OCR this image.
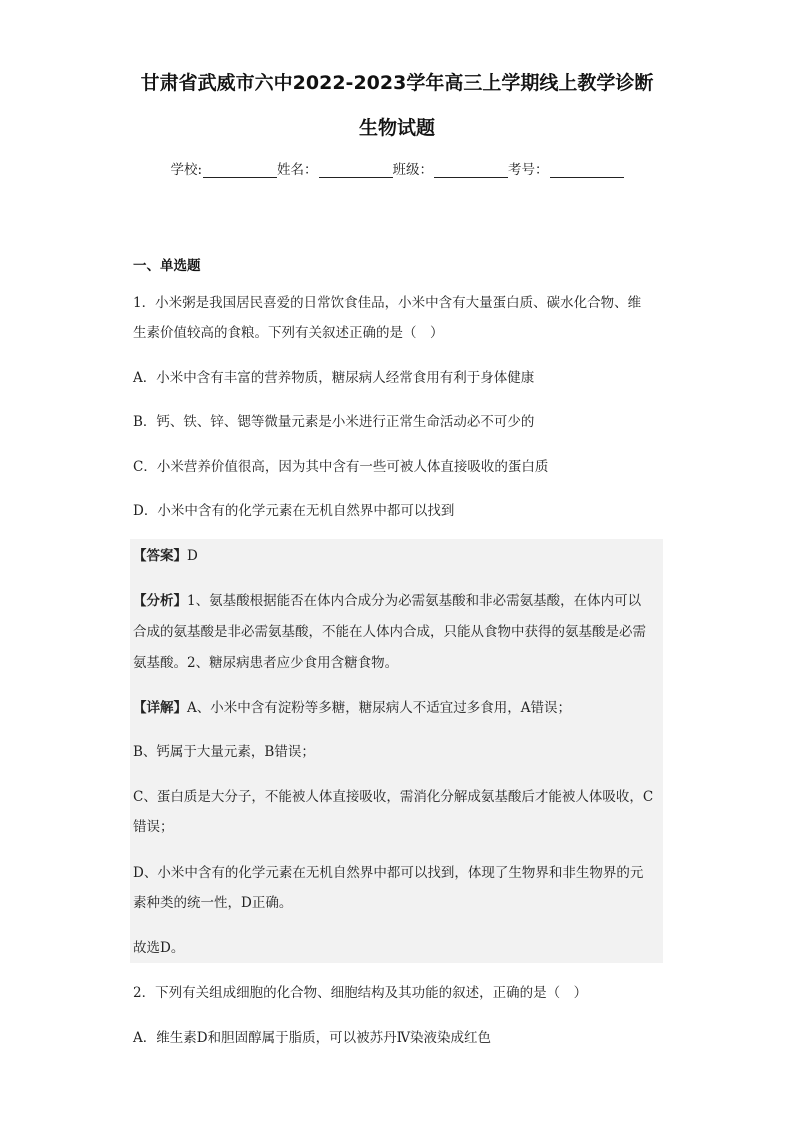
甘肃省武威市六中2022-2023学年高三上学期线上教学诊断
生物试题
学校:	姓名：	班级：	考号：
一、单选题
1．小米粥是我国居民喜爱的日常饮食佳品，小米中含有大量蛋白质、碳水化合物、维
生素价值较高的食粮。下列有关叙述正确的是（　）
A．小米中含有丰富的营养物质，糖尿病人经常食用有利于身体健康
B．钙、铁、锌、锶等微量元素是小米进行正常生命活动必不可少的
C．小米营养价值很高，因为其中含有一些可被人体直接吸收的蛋白质
D．小米中含有的化学元素在无机自然界中都可以找到
【答案】D
【分析】1、氨基酸根据能否在体内合成分为必需氨基酸和非必需氨基酸，在体内可以
合成的氨基酸是非必需氨基酸，不能在人体内合成，只能从食物中获得的氨基酸是必需
氨基酸。2、糖尿病患者应少食用含糖食物。
【详解】A、小米中含有淀粉等多糖，糖尿病人不适宜过多食用，A错误；
B、钙属于大量元素，B错误；
C、蛋白质是大分子，不能被人体直接吸收，需消化分解成氨基酸后才能被人体吸收，C
错误；
D、小米中含有的化学元素在无机自然界中都可以找到，体现了生物界和非生物界的元
素种类的统一性，D正确。
故选D。
2．下列有关组成细胞的化合物、细胞结构及其功能的叙述，正确的是（　）
A．维生素D和胆固醇属于脂质，可以被苏丹Ⅳ染液染成红色
